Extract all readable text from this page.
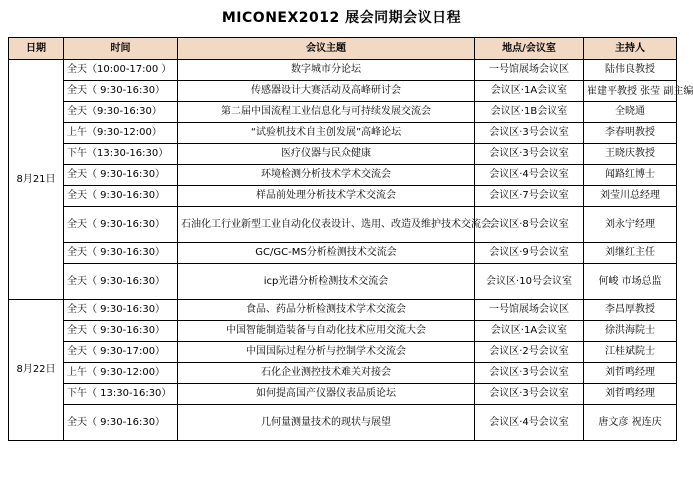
MICONEX2012 展会同期会议日程
日期	时间	会议主题	地点/会议室	主持人
8月21日	全天（10:00-17:00 ）	数字城市分论坛	一号馆展场会议区	陆伟良教授
	全天（ 9:30-16:30）	传感器设计大赛活动及高峰研讨会	会议区·1A会议室	崔建平教授 张莹 副主编
	全天（9:30-16:30）	第二届中国流程工业信息化与可持续发展交流会	会议区·1B会议室	全晓通
	上午（9:30-12:00）	“试验机技术自主创发展”高峰论坛	会议区·3号会议室	李春明教授
	下午（13:30-16:30）	医疗仪器与民众健康	会议区·3号会议室	王晓庆教授
	全天（ 9:30-16:30）	环境检测分析技术学术交流会	会议区·4号会议室	闻路红博士
	全天（ 9:30-16:30）	样品前处理分析技术学术交流会	会议区·7号会议室	刘莹川总经理
	全天（ 9:30-16:30）	石油化工行业新型工业自动化仪表设计、选用、改造及维护技术交流会	会议区·8号会议室	刘永宁经理
	全天（ 9:30-16:30）	GC/GC-MS分析检测技术交流会	会议区·9号会议室	刘继红主任
	全天（ 9:30-16:30）	icp光谱分析检测技术交流会	会议区·10号会议室	何峻 市场总监
8月22日	全天（ 9:30-16:30）	食品、药品分析检测技术学术交流会	一号馆展场会议区	李昌厚教授
	全天（ 9:30-16:30）	中国智能制造装备与自动化技术应用交流大会	会议区·1A会议室	徐洪海院士
	全天（ 9:30-17:00）	中国国际过程分析与控制学术交流会	会议区·2号会议室	江桂斌院士
	上午（ 9:30-12:00）	石化企业测控技术难关对接会	会议区·3号会议室	刘哲鸣经理
	下午（ 13:30-16:30）	如何提高国产仪器仪表品质论坛	会议区·3号会议室	刘哲鸣经理
	全天（ 9:30-16:30）	几何量测量技术的现状与展望	会议区·4号会议室	唐文彦 祝连庆
